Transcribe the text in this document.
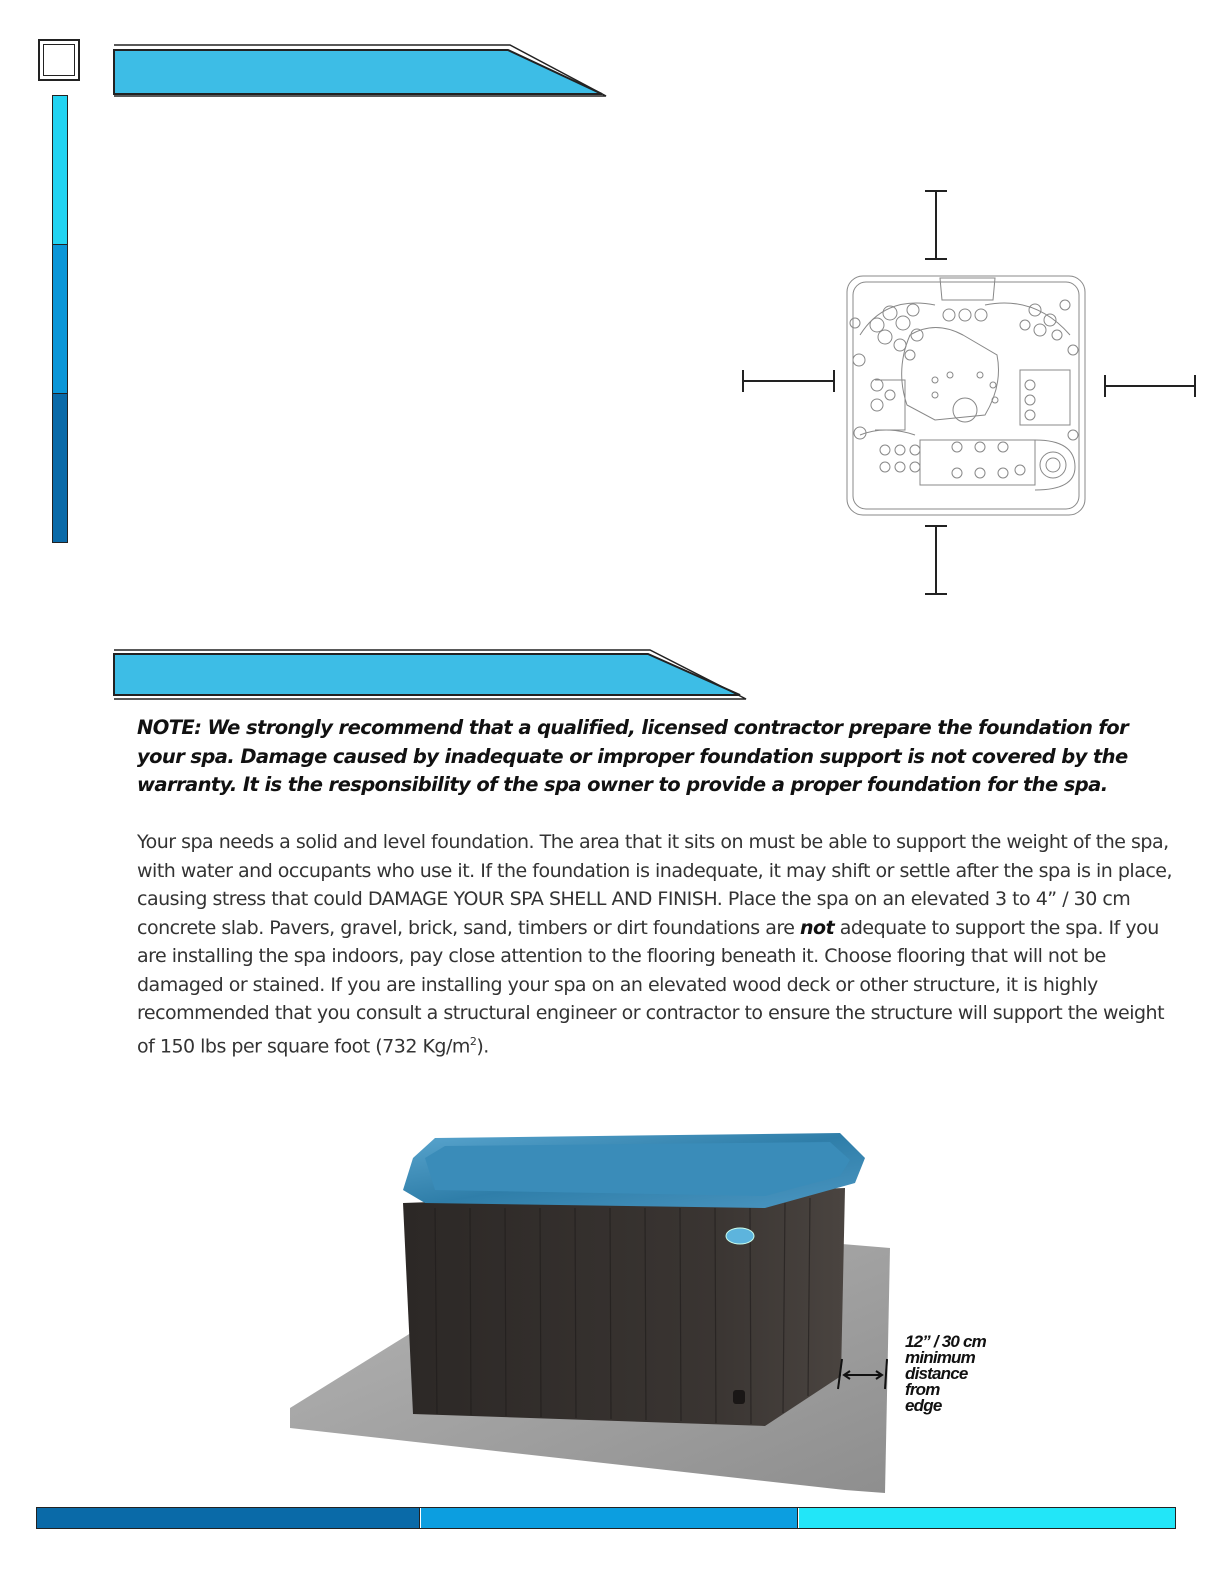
NOTE: We strongly recommend that a qualified, licensed contractor prepare the foundation for your spa. Damage caused by inadequate or improper foundation support is not covered by the warranty. It is the responsibility of the spa owner to provide a proper foundation for the spa.

Your spa needs a solid and level foundation. The area that it sits on must be able to support the weight of the spa, with water and occupants who use it. If the foundation is inadequate, it may shift or settle after the spa is in place, causing stress that could DAMAGE YOUR SPA SHELL AND FINISH. Place the spa on an elevated 3 to 4” / 30 cm concrete slab. Pavers, gravel, brick, sand, timbers or dirt foundations are not adequate to support the spa. If you are installing the spa indoors, pay close attention to the flooring beneath it. Choose flooring that will not be damaged or stained. If you are installing your spa on an elevated wood deck or other structure, it is highly recommended that you consult a structural engineer or contractor to ensure the structure will support the weight of 150 lbs per square foot (732 $Kg/m^2$).

12” / 30 cm
minimum
distance
from
edge
